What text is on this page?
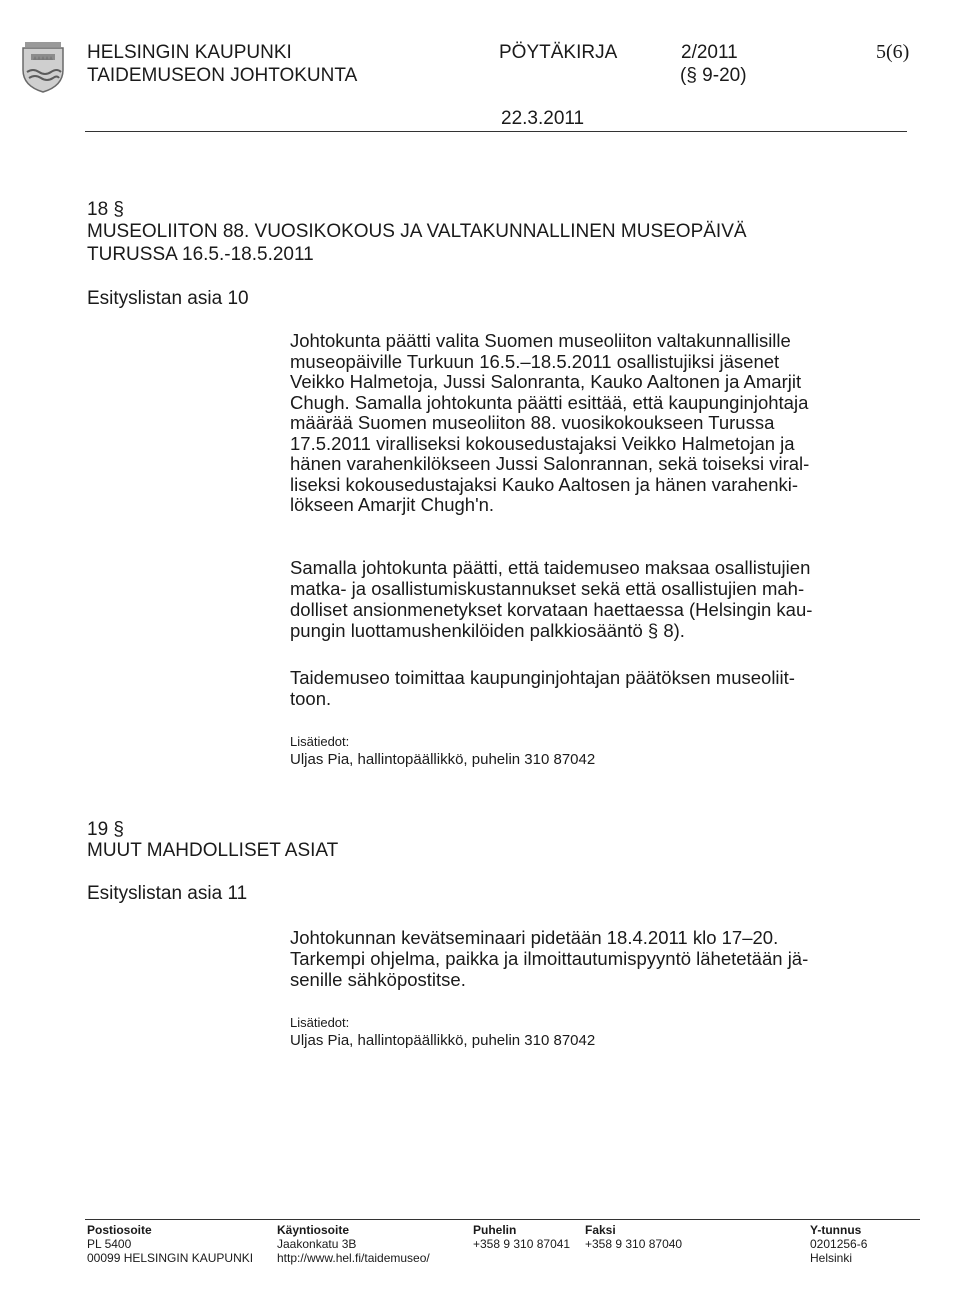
HELSINGIN KAUPUNKI
TAIDEMUSEON JOHTOKUNTA
PÖYTÄKIRJA	2/2011
(§ 9-20)
5(6)
22.3.2011
18 §
MUSEOLIITON 88. VUOSIKOKOUS JA VALTAKUNNALLINEN MUSEOPÄIVÄ
TURUSSA 16.5.-18.5.2011
Esityslistan asia 10
Johtokunta päätti valita Suomen museoliiton valtakunnallisille
museopäiville Turkuun 16.5.–18.5.2011 osallistujiksi jäsenet
Veikko Halmetoja, Jussi Salonranta, Kauko Aaltonen ja Amarjit
Chugh. Samalla johtokunta päätti esittää, että kaupunginjohtaja
määrää Suomen museoliiton 88. vuosikokoukseen Turussa
17.5.2011 viralliseksi kokousedustajaksi Veikko Halmetojan ja
hänen varahenkilökseen Jussi Salonrannan, sekä toiseksi viral-
liseksi kokousedustajaksi Kauko Aaltosen ja hänen varahenki-
lökseen Amarjit Chugh'n.
Samalla johtokunta päätti, että taidemuseo maksaa osallistujien
matka- ja osallistumiskustannukset sekä että osallistujien mah-
dolliset ansionmenetykset korvataan haettaessa (Helsingin kau-
pungin luottamushenkilöiden palkkiosääntö § 8).
Taidemuseo toimittaa kaupunginjohtajan päätöksen museoliit-
toon.
Lisätiedot:
Uljas Pia, hallintopäällikkö, puhelin 310 87042
19 §
MUUT MAHDOLLISET ASIAT
Esityslistan asia 11
Johtokunnan kevätseminaari pidetään 18.4.2011 klo 17–20.
Tarkempi ohjelma, paikka ja ilmoittautumispyyntö lähetetään jä-
senille sähköpostitse.
Lisätiedot:
Uljas Pia, hallintopäällikkö, puhelin 310 87042
Postiosoite
PL 5400
00099 HELSINGIN KAUPUNKI
Käyntiosoite
Jaakonkatu 3B
http://www.hel.fi/taidemuseo/
Puhelin
+358 9 310 87041
Faksi
+358 9 310 87040
Y-tunnus
0201256-6
Helsinki
